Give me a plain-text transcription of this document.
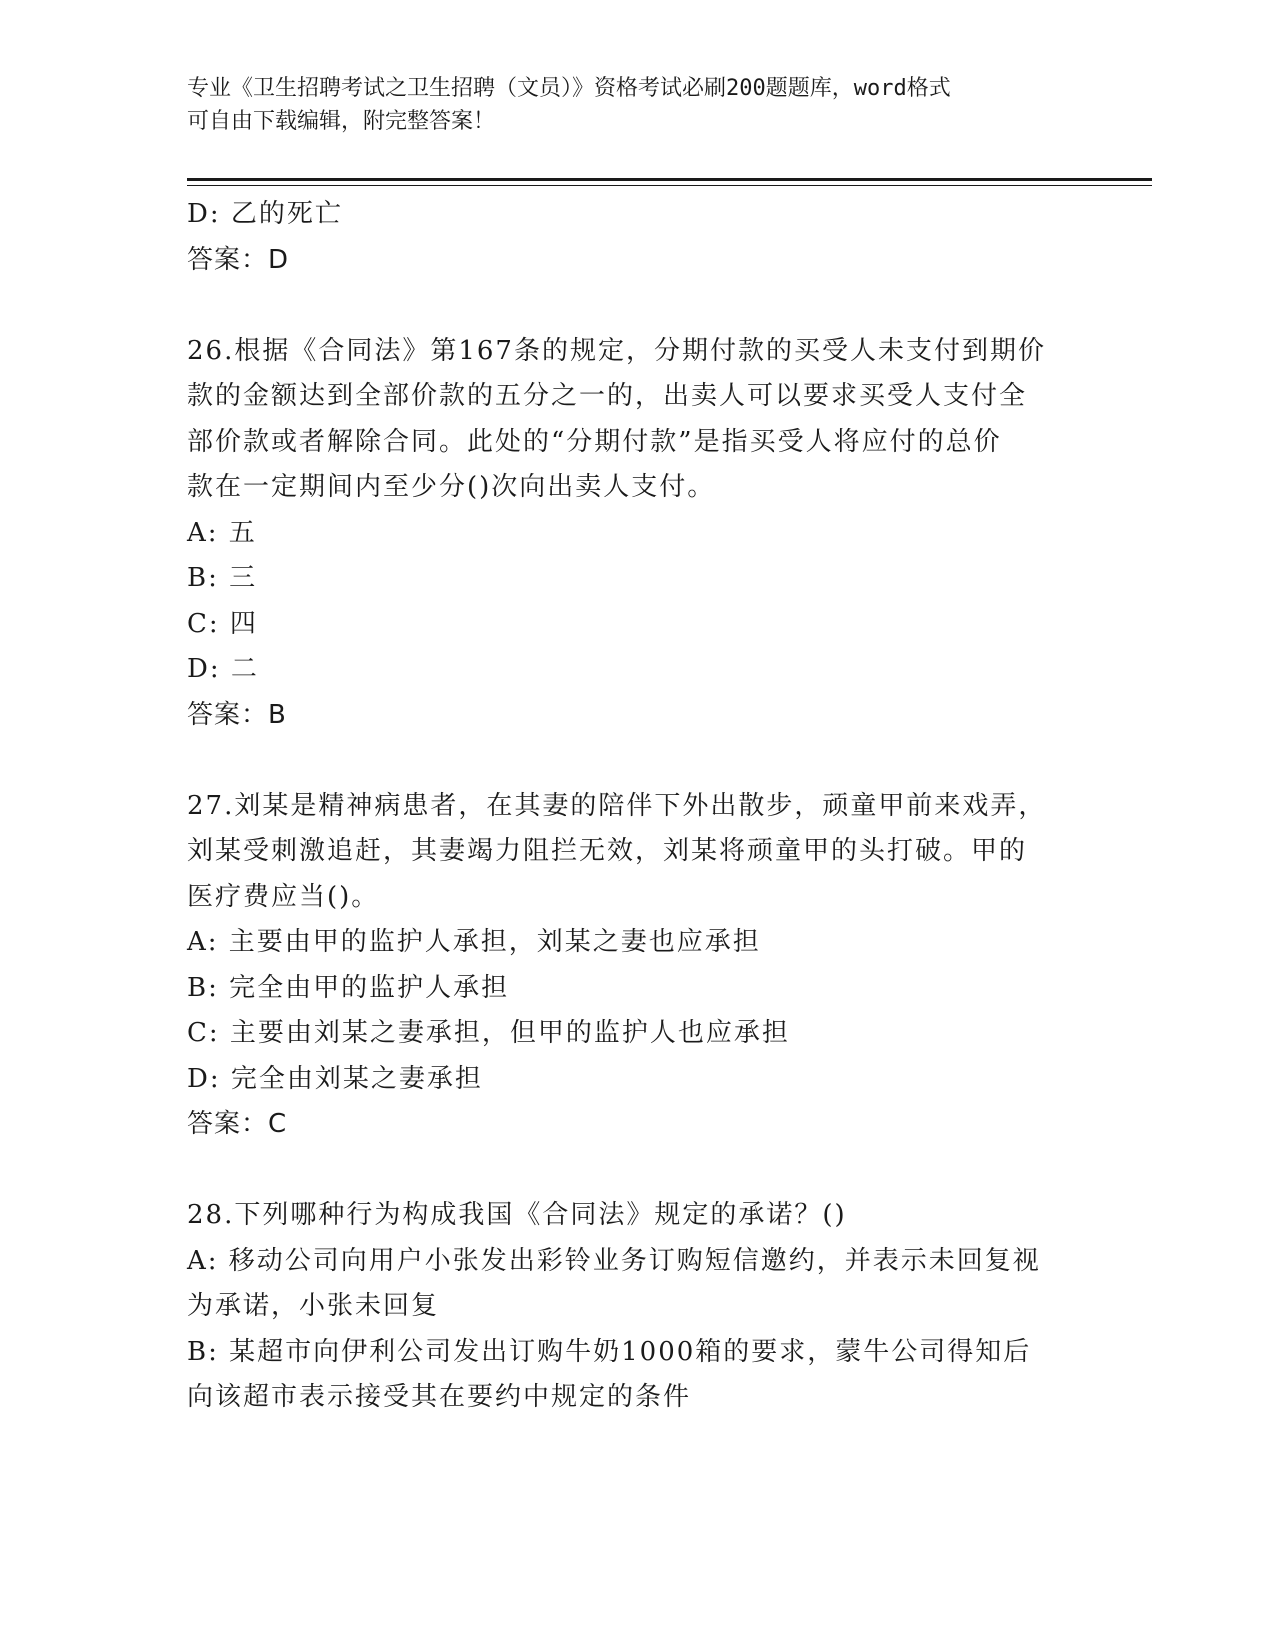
专业《卫生招聘考试之卫生招聘（文员）》资格考试必刷200题题库，word格式
可自由下载编辑，附完整答案！
D: 乙的死亡
答案：D
26.根据《合同法》第167条的规定，分期付款的买受人未支付到期价
款的金额达到全部价款的五分之一的，出卖人可以要求买受人支付全
部价款或者解除合同。此处的“分期付款”是指买受人将应付的总价
款在一定期间内至少分()次向出卖人支付。
A: 五
B: 三
C: 四
D: 二
答案：B
27.刘某是精神病患者，在其妻的陪伴下外出散步，顽童甲前来戏弄，
刘某受刺激追赶，其妻竭力阻拦无效，刘某将顽童甲的头打破。甲的
医疗费应当()。
A: 主要由甲的监护人承担，刘某之妻也应承担
B: 完全由甲的监护人承担
C: 主要由刘某之妻承担，但甲的监护人也应承担
D: 完全由刘某之妻承担
答案：C
28.下列哪种行为构成我国《合同法》规定的承诺？()
A: 移动公司向用户小张发出彩铃业务订购短信邀约，并表示未回复视
为承诺，小张未回复
B: 某超市向伊利公司发出订购牛奶1000箱的要求，蒙牛公司得知后
向该超市表示接受其在要约中规定的条件
